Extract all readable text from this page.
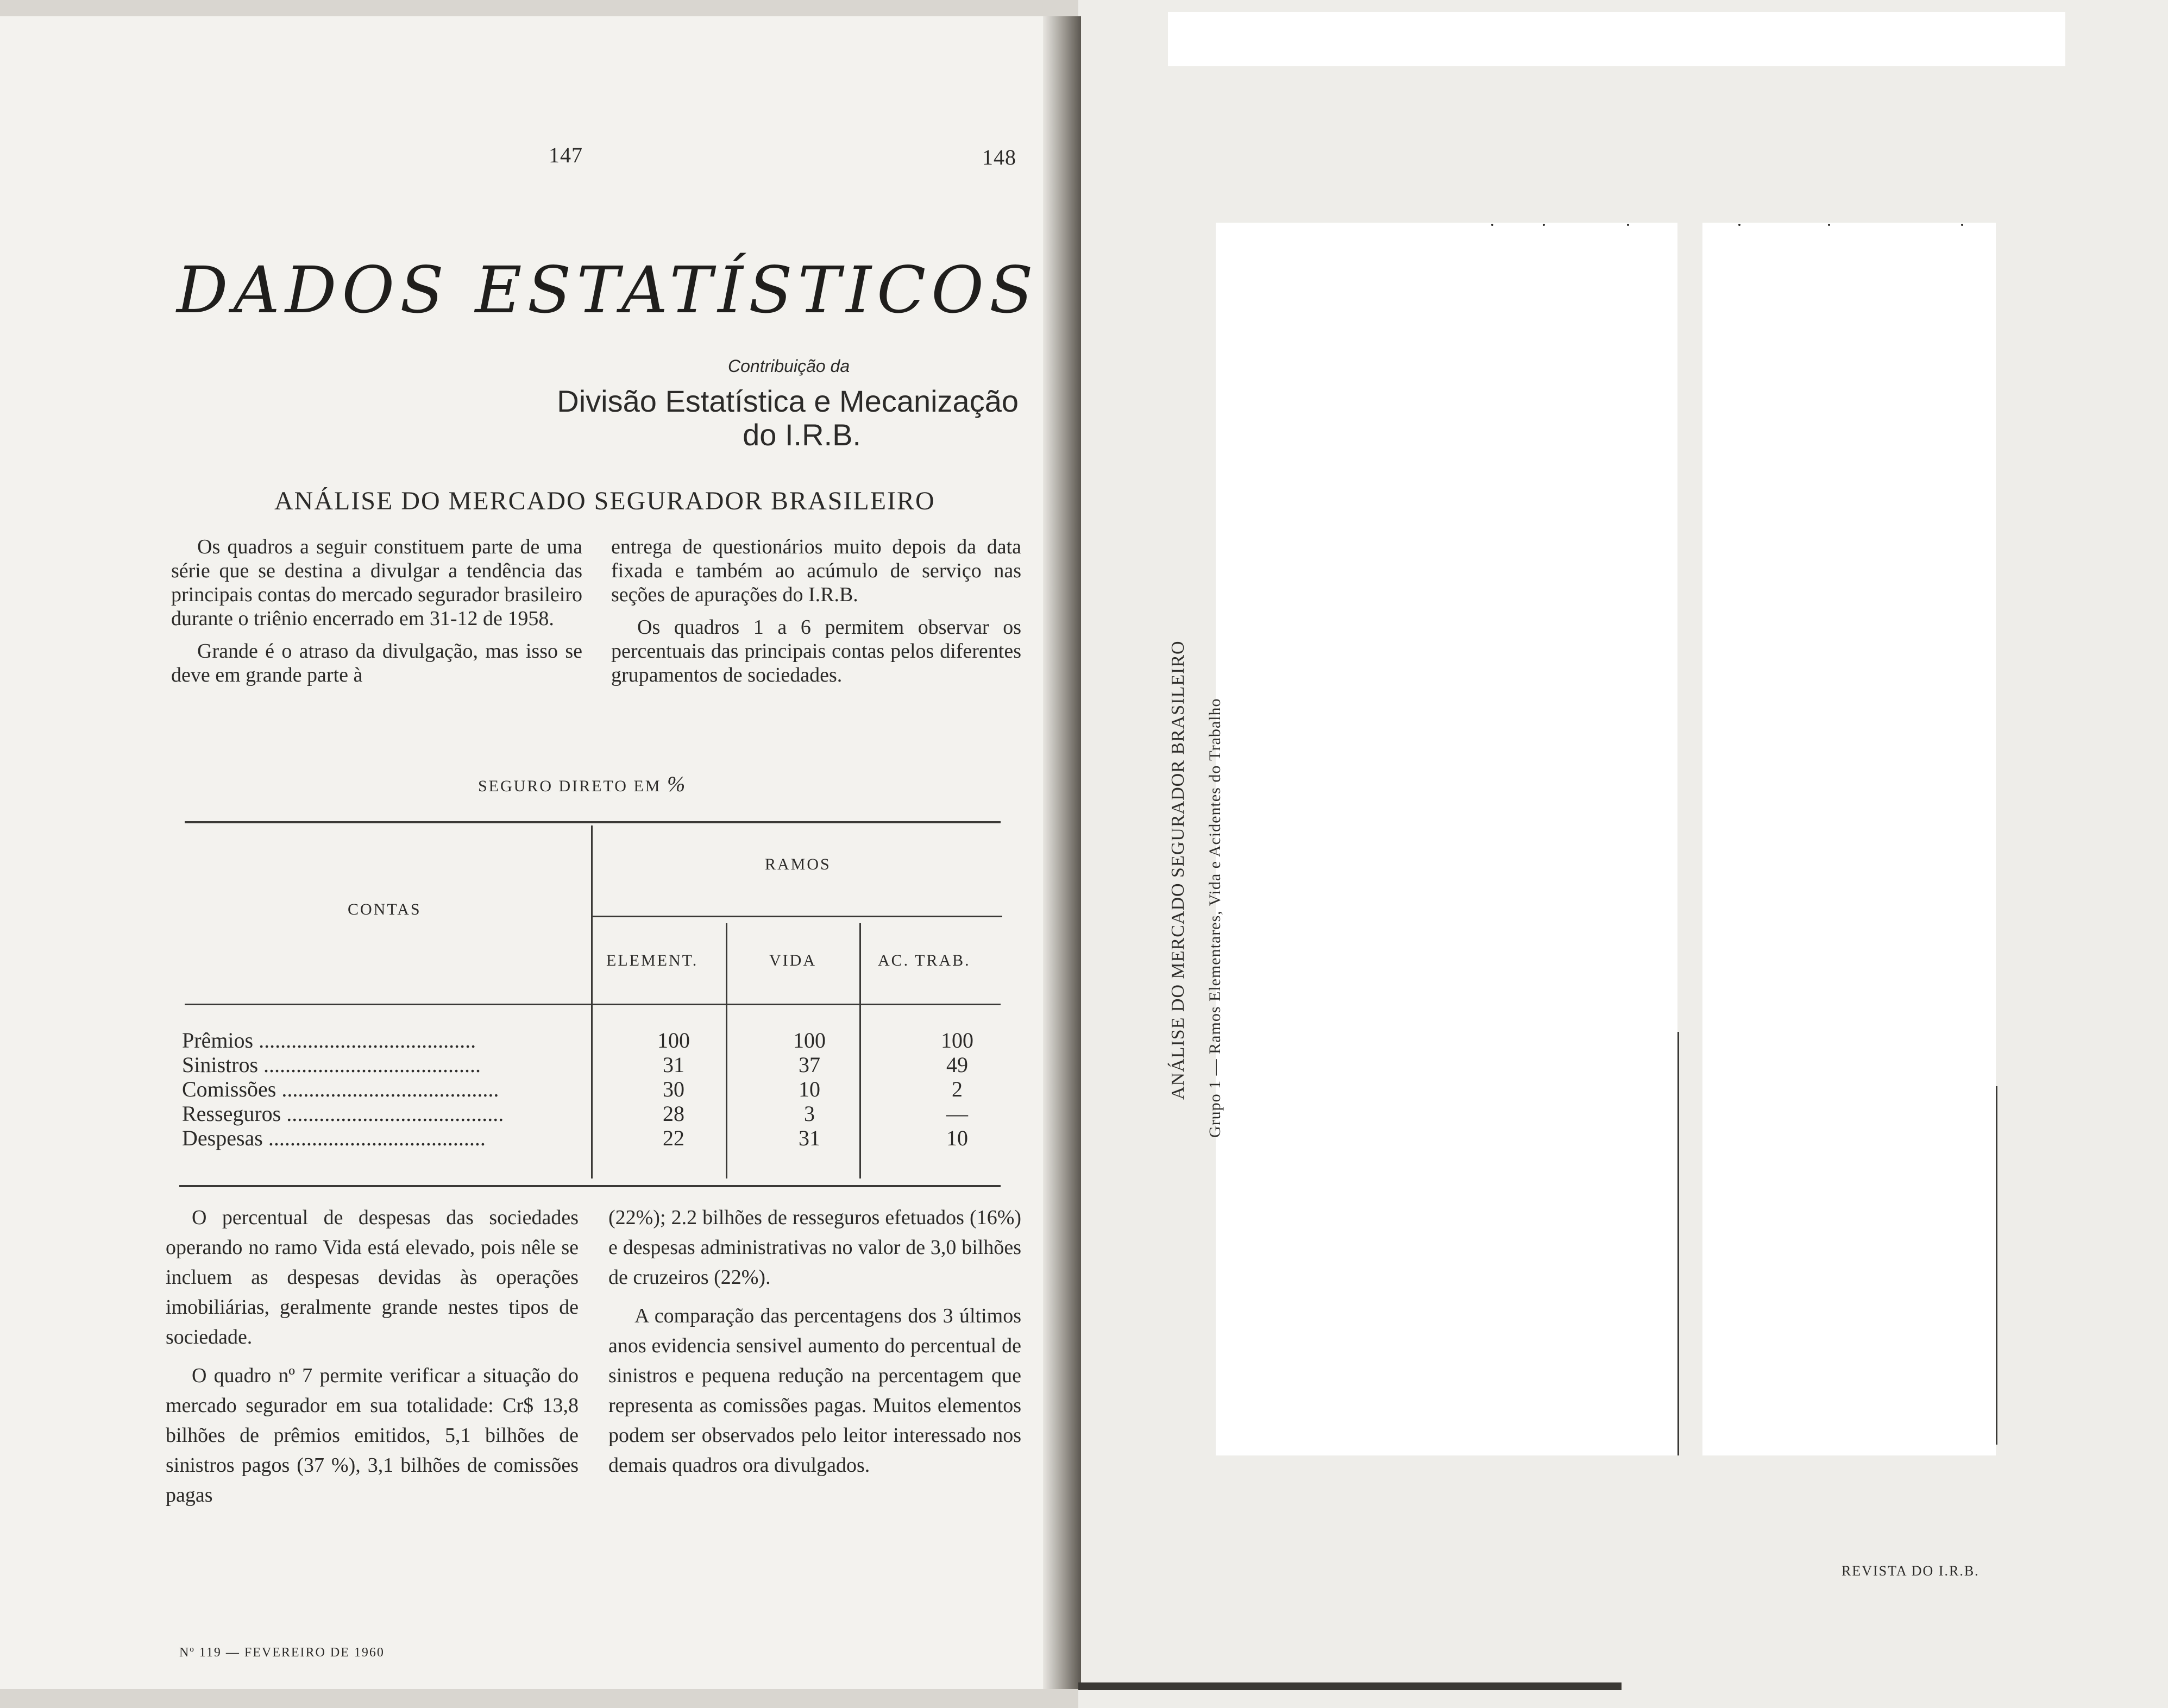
147	148
DADOS ESTATÍSTICOS
Contribuição da
Divisão Estatística e Mecanização
do I.R.B.
ANÁLISE DO MERCADO SEGURADOR BRASILEIRO

Os quadros a seguir constituem parte de uma série que se destina a divulgar a tendência das principais contas do mercado segurador brasileiro durante o triênio encerrado em 31-12 de 1958.

Grande é o atraso da divulgação, mas isso se deve em grande parte à

entrega de questionários muito depois da data fixada e também ao acúmulo de serviço nas seções de apurações do I.R.B.

Os quadros 1 a 6 permitem observar os percentuais das principais contas pelos diferentes grupamentos de sociedades.

SEGURO DIRETO EM %
CONTAS
RAMOS
ELEMENT.	VIDA	AC. TRAB.
Prêmios ........................................	100	100	100
Sinistros ........................................	31	37	49
Comissões ........................................	30	10	2
Resseguros ........................................	28	3	—
Despesas ........................................	22	31	10

O percentual de despesas das sociedades operando no ramo Vida está elevado, pois nêle se incluem as despesas devidas às operações imobiliárias, geralmente grande nestes tipos de sociedade.

O quadro nº 7 permite verificar a situação do mercado segurador em sua totalidade: Cr$ 13,8 bilhões de prêmios emitidos, 5,1 bilhões de sinistros pagos (37 %), 3,1 bilhões de comissões pagas

(22%); 2.2 bilhões de resseguros efetuados (16%) e despesas administrativas no valor de 3,0 bilhões de cruzeiros (22%).

A comparação das percentagens dos 3 últimos anos evidencia sensivel aumento do percentual de sinistros e pequena redução na percentagem que representa as comissões pagas. Muitos elementos podem ser observados pelo leitor interessado nos demais quadros ora divulgados.

Nº 119 — FEVEREIRO DE 1960
ANÁLISE DO MERCADO SEGURADOR BRASILEIRO Grupo 1 — Ramos Elementares, Vida e Acidentes do Trabalho
REVISTA DO I.R.B.
